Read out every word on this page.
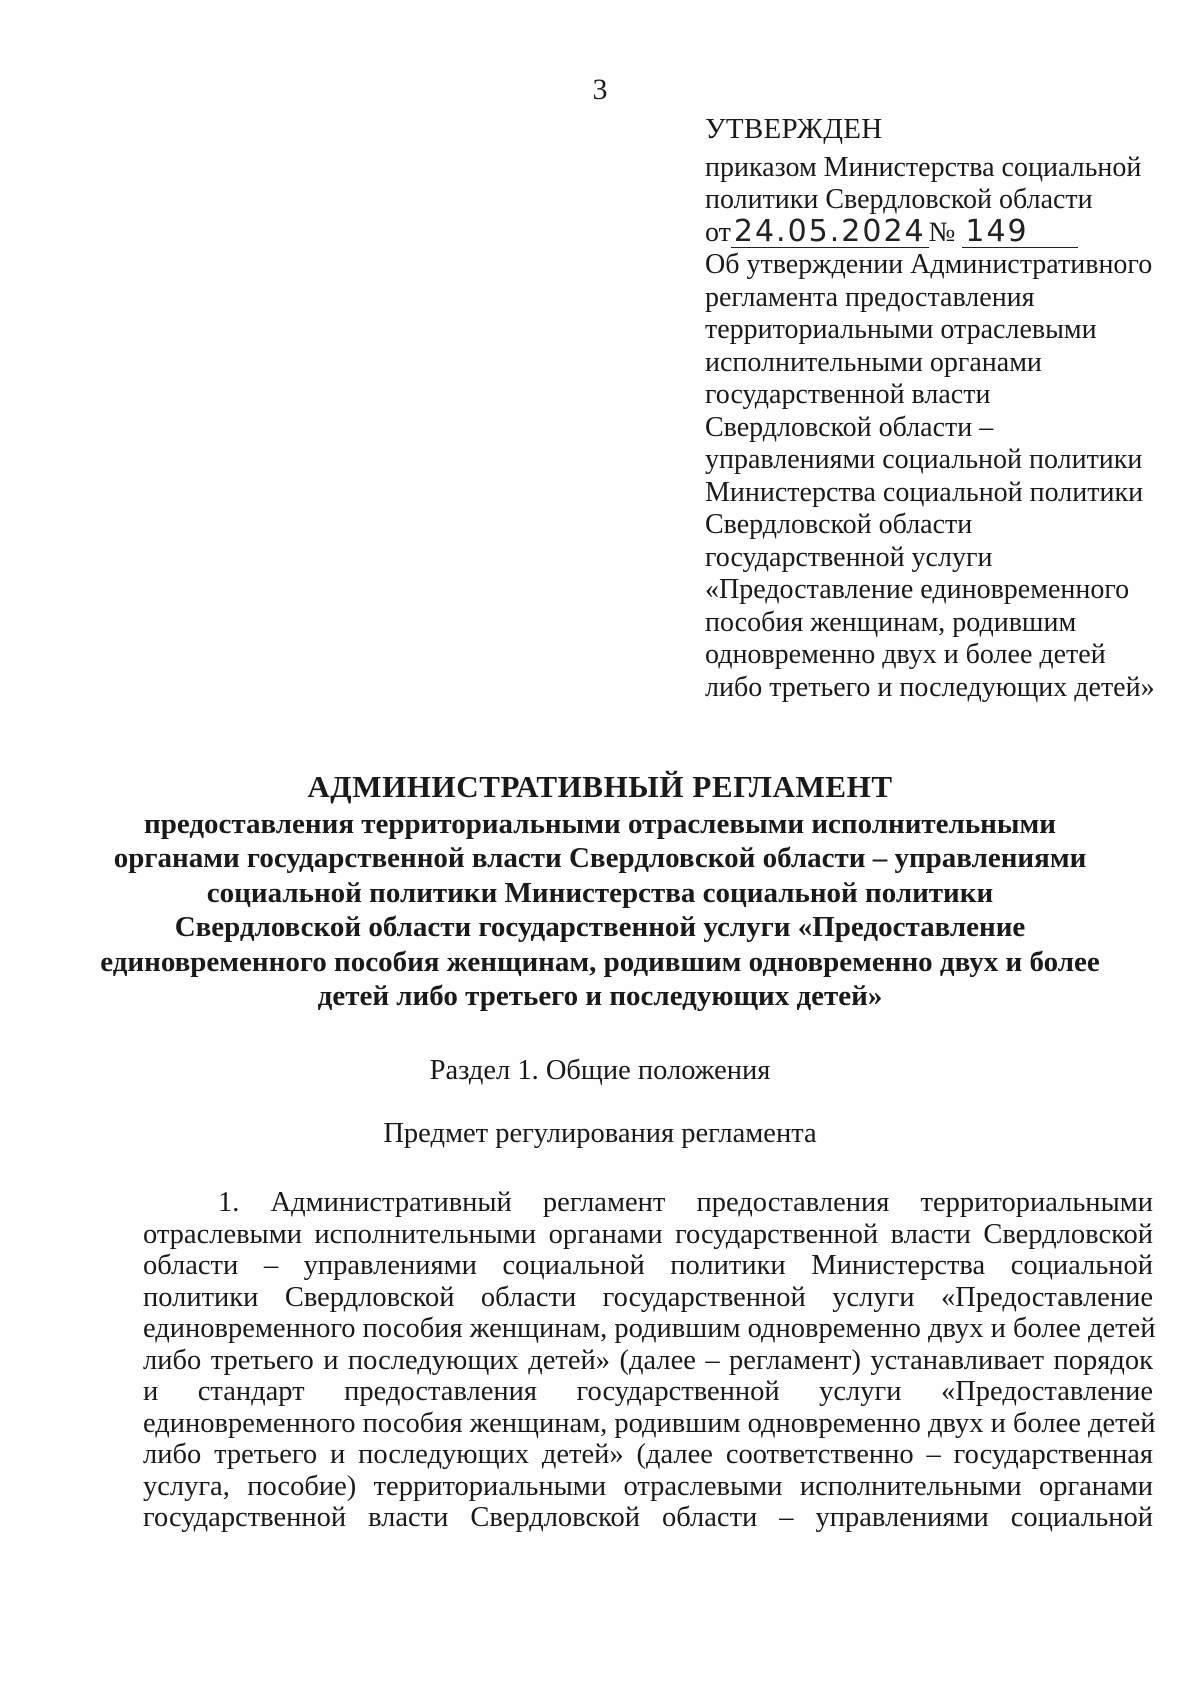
3
УТВЕРЖДЕН
приказом Министерства социальной
политики Свердловской области
от 24.05.2024 № 149
Об утверждении Административного
регламента предоставления
территориальными отраслевыми
исполнительными органами
государственной власти
Свердловской области –
управлениями социальной политики
Министерства социальной политики
Свердловской области
государственной услуги
«Предоставление единовременного
пособия женщинам, родившим
одновременно двух и более детей
либо третьего и последующих детей»
АДМИНИСТРАТИВНЫЙ РЕГЛАМЕНТ
предоставления территориальными отраслевыми исполнительными
органами государственной власти Свердловской области – управлениями
социальной политики Министерства социальной политики
Свердловской области государственной услуги «Предоставление
единовременного пособия женщинам, родившим одновременно двух и более
детей либо третьего и последующих детей»
Раздел 1. Общие положения
Предмет регулирования регламента
1. Административный регламент предоставления территориальными
отраслевыми исполнительными органами государственной власти Свердловской
области – управлениями социальной политики Министерства социальной
политики Свердловской области государственной услуги «Предоставление
единовременного пособия женщинам, родившим одновременно двух и более детей
либо третьего и последующих детей» (далее – регламент) устанавливает порядок
и стандарт предоставления государственной услуги «Предоставление
единовременного пособия женщинам, родившим одновременно двух и более детей
либо третьего и последующих детей» (далее соответственно – государственная
услуга, пособие) территориальными отраслевыми исполнительными органами
государственной власти Свердловской области – управлениями социальной
